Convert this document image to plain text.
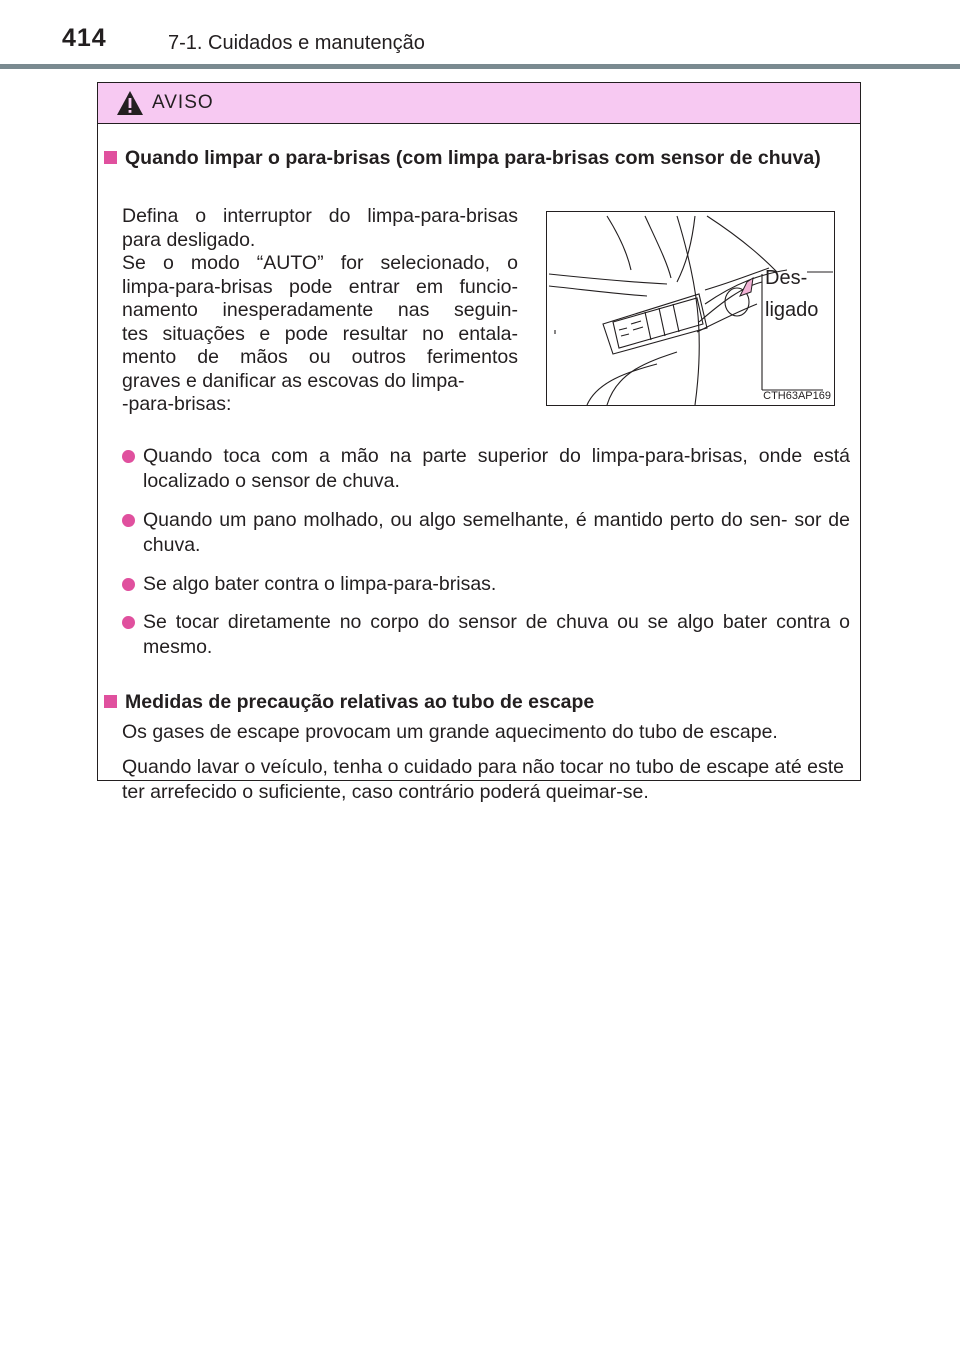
414	7-1. Cuidados e manutenção
AVISO
Quando limpar o para-brisas (com limpa para-brisas com sensor de chuva)
Defina o interruptor do limpa-para-brisas
para desligado.
Se o modo “AUTO” for selecionado, o
limpa-para-brisas pode entrar em funcio-
namento inesperadamente nas seguin-
tes situações e pode resultar no entala-
mento de mãos ou outros ferimentos
graves e danificar as escovas do limpa-
-para-brisas:
Des-
ligado
CTH63AP169
Quando toca com a mão na parte superior do limpa-para-brisas, onde está localizado o sensor de chuva.
Quando um pano molhado, ou algo semelhante, é mantido perto do sen- sor de chuva.
Se algo bater contra o limpa-para-brisas.
Se tocar diretamente no corpo do sensor de chuva ou se algo bater contra o mesmo.
Medidas de precaução relativas ao tubo de escape
Os gases de escape provocam um grande aquecimento do tubo de escape.
Quando lavar o veículo, tenha o cuidado para não tocar no tubo de escape até este ter arrefecido o suficiente, caso contrário poderá queimar-se.
